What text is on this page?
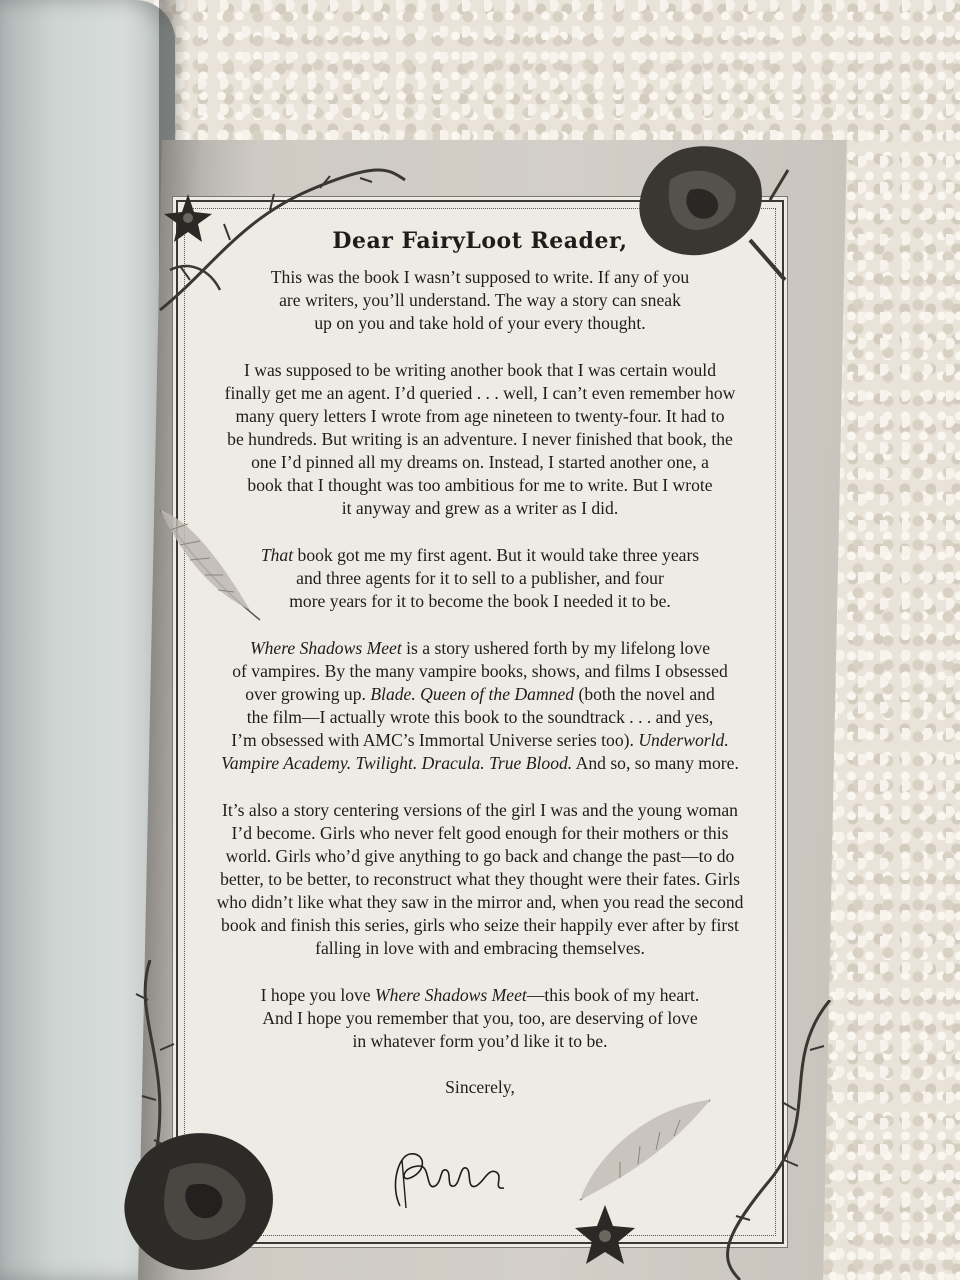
Dear FairyLoot Reader,

This was the book I wasn’t supposed to write. If any of you
are writers, you’ll understand. The way a story can sneak
up on you and take hold of your every thought.

I was supposed to be writing another book that I was certain would
finally get me an agent. I’d queried . . . well, I can’t even remember how
many query letters I wrote from age nineteen to twenty-four. It had to
be hundreds. But writing is an adventure. I never finished that book, the
one I’d pinned all my dreams on. Instead, I started another one, a
book that I thought was too ambitious for me to write. But I wrote
it anyway and grew as a writer as I did.

That book got me my first agent. But it would take three years
and three agents for it to sell to a publisher, and four
more years for it to become the book I needed it to be.

Where Shadows Meet is a story ushered forth by my lifelong love
of vampires. By the many vampire books, shows, and films I obsessed
over growing up. Blade. Queen of the Damned (both the novel and
the film—I actually wrote this book to the soundtrack . . . and yes,
I’m obsessed with AMC’s Immortal Universe series too). Underworld.
Vampire Academy. Twilight. Dracula. True Blood. And so, so many more.

It’s also a story centering versions of the girl I was and the young woman
I’d become. Girls who never felt good enough for their mothers or this
world. Girls who’d give anything to go back and change the past—to do
better, to be better, to reconstruct what they thought were their fates. Girls
who didn’t like what they saw in the mirror and, when you read the second
book and finish this series, girls who seize their happily ever after by first
falling in love with and embracing themselves.

I hope you love Where Shadows Meet—this book of my heart.
And I hope you remember that you, too, are deserving of love
in whatever form you’d like it to be.

Sincerely,
